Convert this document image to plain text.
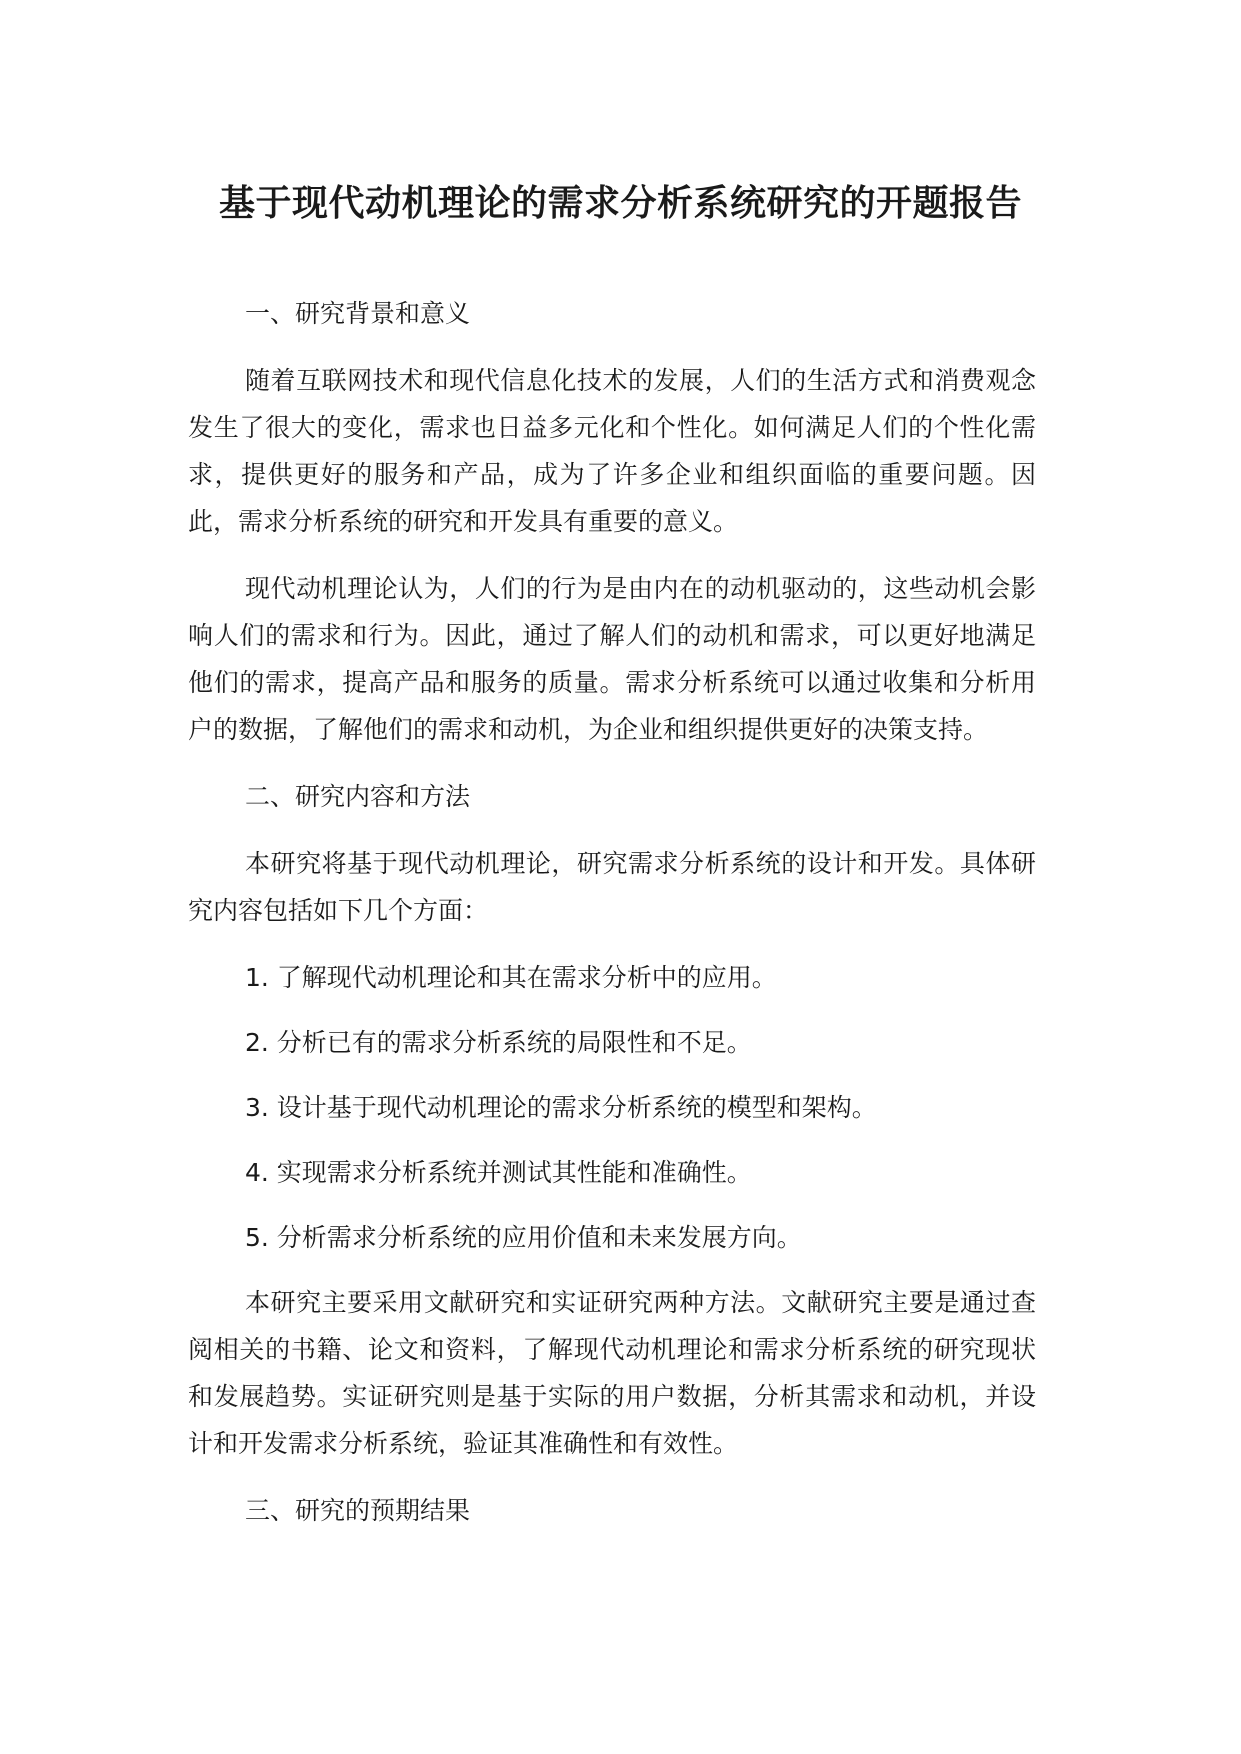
基于现代动机理论的需求分析系统研究的开题报告

一、研究背景和意义

随着互联网技术和现代信息化技术的发展，人们的生活方式和消费观念发生了很大的变化，需求也日益多元化和个性化。如何满足人们的个性化需求，提供更好的服务和产品，成为了许多企业和组织面临的重要问题。因此，需求分析系统的研究和开发具有重要的意义。

现代动机理论认为，人们的行为是由内在的动机驱动的，这些动机会影响人们的需求和行为。因此，通过了解人们的动机和需求，可以更好地满足他们的需求，提高产品和服务的质量。需求分析系统可以通过收集和分析用户的数据，了解他们的需求和动机，为企业和组织提供更好的决策支持。

二、研究内容和方法

本研究将基于现代动机理论，研究需求分析系统的设计和开发。具体研究内容包括如下几个方面：

1. 了解现代动机理论和其在需求分析中的应用。

2. 分析已有的需求分析系统的局限性和不足。

3. 设计基于现代动机理论的需求分析系统的模型和架构。

4. 实现需求分析系统并测试其性能和准确性。

5. 分析需求分析系统的应用价值和未来发展方向。

本研究主要采用文献研究和实证研究两种方法。文献研究主要是通过查阅相关的书籍、论文和资料，了解现代动机理论和需求分析系统的研究现状和发展趋势。实证研究则是基于实际的用户数据，分析其需求和动机，并设计和开发需求分析系统，验证其准确性和有效性。

三、研究的预期结果
